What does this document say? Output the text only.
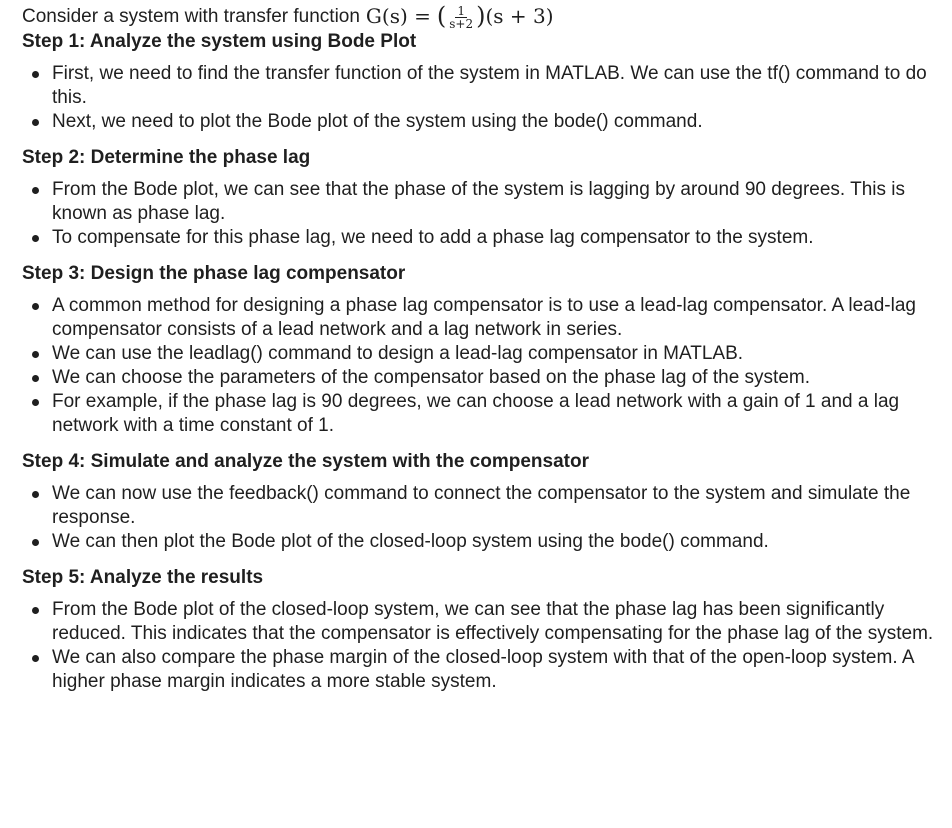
Consider a system with transfer function G(s) = ( $\frac{1}{s+2}$ ) (s + 3)
Step 1: Analyze the system using Bode Plot
First, we need to find the transfer function of the system in MATLAB. We can use the tf() command to do this.
Next, we need to plot the Bode plot of the system using the bode() command.
Step 2: Determine the phase lag
From the Bode plot, we can see that the phase of the system is lagging by around 90 degrees. This is known as phase lag.
To compensate for this phase lag, we need to add a phase lag compensator to the system.
Step 3: Design the phase lag compensator
A common method for designing a phase lag compensator is to use a lead-lag compensator. A lead-lag compensator consists of a lead network and a lag network in series.
We can use the leadlag() command to design a lead-lag compensator in MATLAB.
We can choose the parameters of the compensator based on the phase lag of the system.
For example, if the phase lag is 90 degrees, we can choose a lead network with a gain of 1 and a lag network with a time constant of 1.
Step 4: Simulate and analyze the system with the compensator
We can now use the feedback() command to connect the compensator to the system and simulate the response.
We can then plot the Bode plot of the closed-loop system using the bode() command.
Step 5: Analyze the results
From the Bode plot of the closed-loop system, we can see that the phase lag has been significantly reduced. This indicates that the compensator is effectively compensating for the phase lag of the system.
We can also compare the phase margin of the closed-loop system with that of the open-loop system. A higher phase margin indicates a more stable system.
